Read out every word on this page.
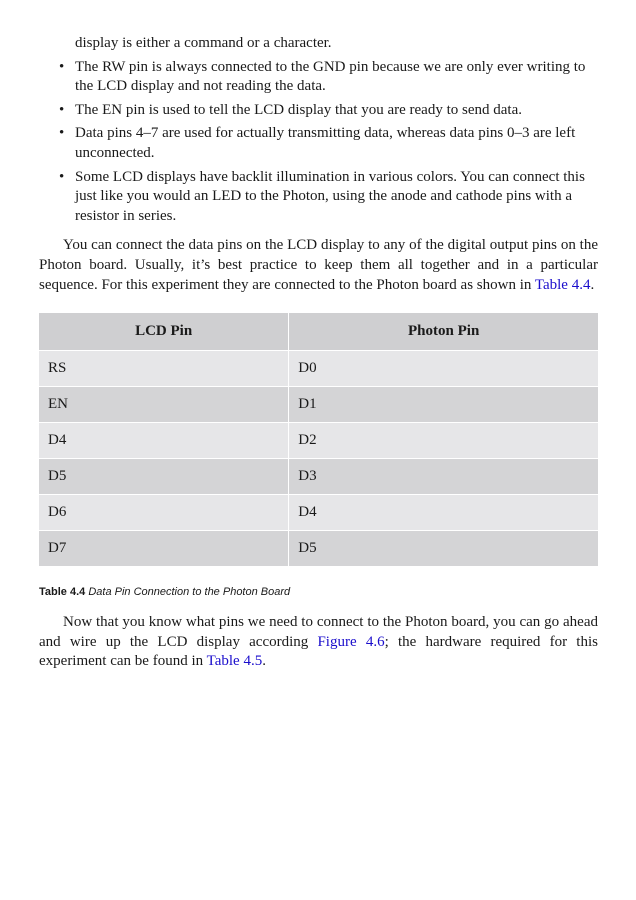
display is either a command or a character.
• The RW pin is always connected to the GND pin because we are only ever writing to the LCD display and not reading the data.
• The EN pin is used to tell the LCD display that you are ready to send data.
• Data pins 4–7 are used for actually transmitting data, whereas data pins 0–3 are left unconnected.
• Some LCD displays have backlit illumination in various colors. You can connect this just like you would an LED to the Photon, using the anode and cathode pins with a resistor in series.

You can connect the data pins on the LCD display to any of the digital output pins on the Photon board. Usually, it’s best practice to keep them all together and in a particular sequence. For this experiment they are connected to the Photon board as shown in Table 4.4.

LCD Pin	Photon Pin
RS	D0
EN	D1
D4	D2
D5	D3
D6	D4
D7	D5
Table 4.4 Data Pin Connection to the Photon Board

Now that you know what pins we need to connect to the Photon board, you can go ahead and wire up the LCD display according Figure 4.6; the hardware required for this experiment can be found in Table 4.5.
